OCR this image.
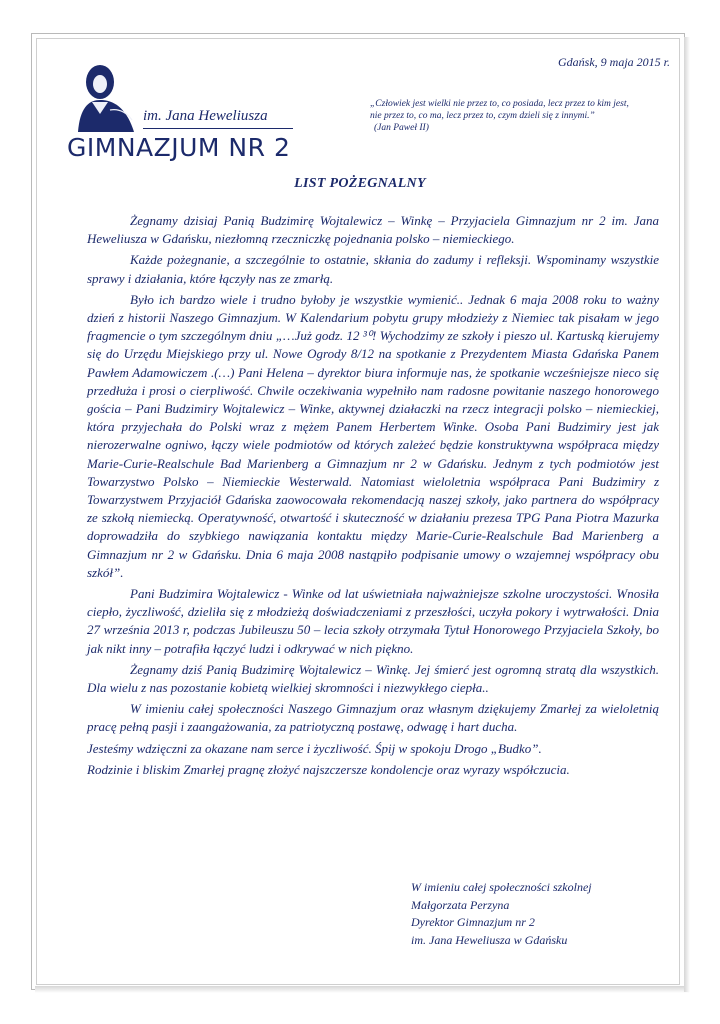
Gdańsk, 9 maja 2015 r.
im. Jana Heweliusza
GIMNAZJUM NR 2
„Człowiek jest wielki nie przez to, co posiada, lecz przez to kim jest,
nie przez to, co ma, lecz przez to, czym dzieli się z innymi.”
(Jan Paweł II)
LIST POŻEGNALNY

Żegnamy dzisiaj Panią Budzimirę Wojtalewicz – Winkę – Przyjaciela Gimnazjum nr 2 im. Jana Heweliusza w Gdańsku, niezłomną rzeczniczkę pojednania polsko – niemieckiego.

Każde pożegnanie, a szczególnie to ostatnie, skłania do zadumy i refleksji. Wspominamy wszystkie sprawy i działania, które łączyły nas ze zmarłą.

Było ich bardzo wiele i trudno byłoby je wszystkie wymienić.. Jednak 6 maja 2008 roku to ważny dzień z historii Naszego Gimnazjum. W Kalendarium pobytu grupy młodzieży z Niemiec tak pisałam w jego fragmencie o tym szczególnym dniu „…Już godz. 12 ³⁰! Wychodzimy ze szkoły i pieszo ul. Kartuską kierujemy się do Urzędu Miejskiego przy ul. Nowe Ogrody 8/12 na spotkanie z Prezydentem Miasta Gdańska Panem Pawłem Adamowiczem .(…) Pani Helena – dyrektor biura informuje nas, że spotkanie wcześniejsze nieco się przedłuża i prosi o cierpliwość. Chwile oczekiwania wypełniło nam radosne powitanie naszego honorowego gościa – Pani Budzimiry Wojtalewicz – Winke, aktywnej działaczki na rzecz integracji polsko – niemieckiej, która przyjechała do Polski wraz z mężem Panem Herbertem Winke. Osoba Pani Budzimiry jest jak nierozerwalne ogniwo, łączy wiele podmiotów od których zależeć będzie konstruktywna współpraca między Marie-Curie-Realschule Bad Marienberg a Gimnazjum nr 2 w Gdańsku. Jednym z tych podmiotów jest Towarzystwo Polsko – Niemieckie Westerwald. Natomiast wieloletnia współpraca Pani Budzimiry z Towarzystwem Przyjaciół Gdańska zaowocowała rekomendacją naszej szkoły, jako partnera do współpracy ze szkołą niemiecką. Operatywność, otwartość i skuteczność w działaniu prezesa TPG Pana Piotra Mazurka doprowadziła do szybkiego nawiązania kontaktu między Marie-Curie-Realschule Bad Marienberg a Gimnazjum nr 2 w Gdańsku. Dnia 6 maja 2008 nastąpiło podpisanie umowy o wzajemnej współpracy obu szkół”.

Pani Budzimira Wojtalewicz - Winke od lat uświetniała najważniejsze szkolne uroczystości. Wnosiła ciepło, życzliwość, dzieliła się z młodzieżą doświadczeniami z przeszłości, uczyła pokory i wytrwałości. Dnia 27 września 2013 r, podczas Jubileuszu 50 – lecia szkoły otrzymała Tytuł Honorowego Przyjaciela Szkoły, bo jak nikt inny – potrafiła łączyć ludzi i odkrywać w nich piękno.

Żegnamy dziś Panią Budzimirę Wojtalewicz – Winkę. Jej śmierć jest ogromną stratą dla wszystkich. Dla wielu z nas pozostanie kobietą wielkiej skromności i niezwykłego ciepła..

W imieniu całej społeczności Naszego Gimnazjum oraz własnym dziękujemy Zmarłej za wieloletnią pracę pełną pasji i zaangażowania, za patriotyczną postawę, odwagę i hart ducha.

Jesteśmy wdzięczni za okazane nam serce i życzliwość. Śpij w spokoju Drogo „Budko”.

Rodzinie i bliskim Zmarłej pragnę złożyć najszczersze kondolencje oraz wyrazy współczucia.

W imieniu całej społeczności szkolnej
Małgorzata Perzyna
Dyrektor Gimnazjum nr 2
im. Jana Heweliusza w Gdańsku
